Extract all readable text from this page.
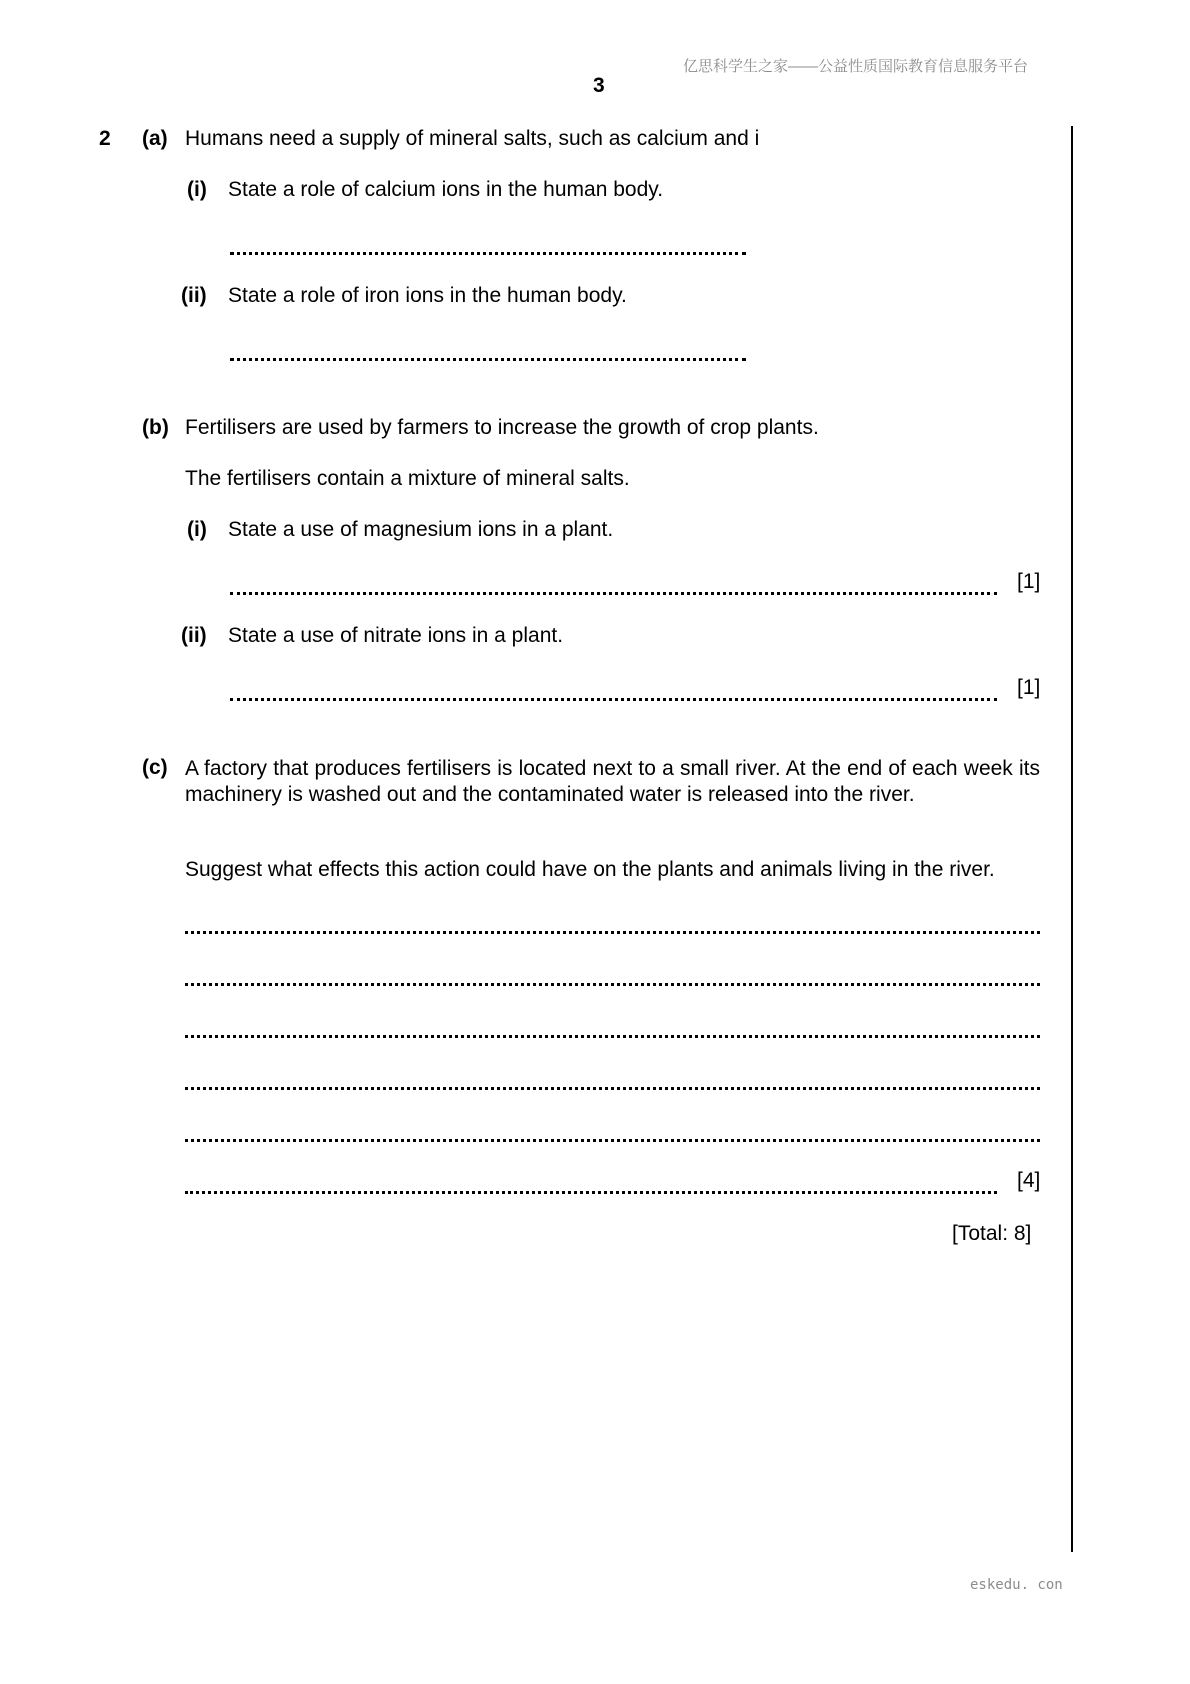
亿思科学生之家——公益性质国际教育信息服务平台
3
2 (a) Humans need a supply of mineral salts, such as calcium and i
(i) State a role of calcium ions in the human body.
(ii) State a role of iron ions in the human body.
(b) Fertilisers are used by farmers to increase the growth of crop plants.
The fertilisers contain a mixture of mineral salts.
(i) State a use of magnesium ions in a plant.
[1]
(ii) State a use of nitrate ions in a plant.
[1]
(c) A factory that produces fertilisers is located next to a small river. At the end of each week its machinery is washed out and the contaminated water is released into the river.
Suggest what effects this action could have on the plants and animals living in the river.
[4]
[Total: 8]
eskedu. con
